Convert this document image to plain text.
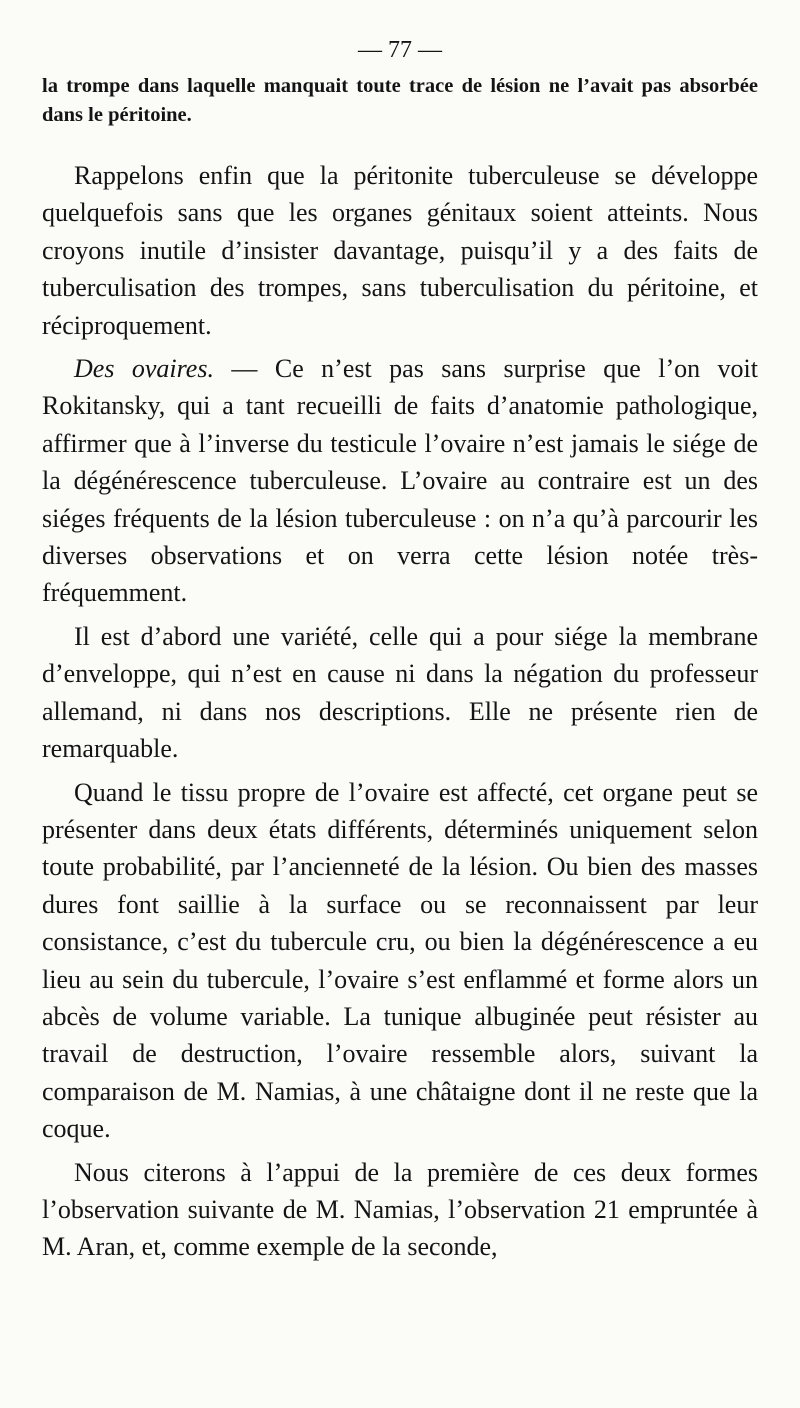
— 77 —

la trompe dans laquelle manquait toute trace de lésion ne l’avait pas absorbée dans le péritoine.

Rappelons enfin que la péritonite tuberculeuse se développe quelquefois sans que les organes génitaux soient atteints. Nous croyons inutile d’insister davantage, puisqu’il y a des faits de tuberculisation des trompes, sans tuberculisation du péritoine, et réciproquement.

Des ovaires. — Ce n’est pas sans surprise que l’on voit Rokitansky, qui a tant recueilli de faits d’anatomie pathologique, affirmer que à l’inverse du testicule l’ovaire n’est jamais le siége de la dégénérescence tuberculeuse. L’ovaire au contraire est un des siéges fréquents de la lésion tuberculeuse : on n’a qu’à parcourir les diverses observations et on verra cette lésion notée très-fréquemment.

Il est d’abord une variété, celle qui a pour siége la membrane d’enveloppe, qui n’est en cause ni dans la négation du professeur allemand, ni dans nos descriptions. Elle ne présente rien de remarquable.

Quand le tissu propre de l’ovaire est affecté, cet organe peut se présenter dans deux états différents, déterminés uniquement selon toute probabilité, par l’ancienneté de la lésion. Ou bien des masses dures font saillie à la surface ou se reconnaissent par leur consistance, c’est du tubercule cru, ou bien la dégénérescence a eu lieu au sein du tubercule, l’ovaire s’est enflammé et forme alors un abcès de volume variable. La tunique albuginée peut résister au travail de destruction, l’ovaire ressemble alors, suivant la comparaison de M. Namias, à une châtaigne dont il ne reste que la coque.

Nous citerons à l’appui de la première de ces deux formes l’observation suivante de M. Namias, l’observation 21 empruntée à M. Aran, et, comme exemple de la seconde,
